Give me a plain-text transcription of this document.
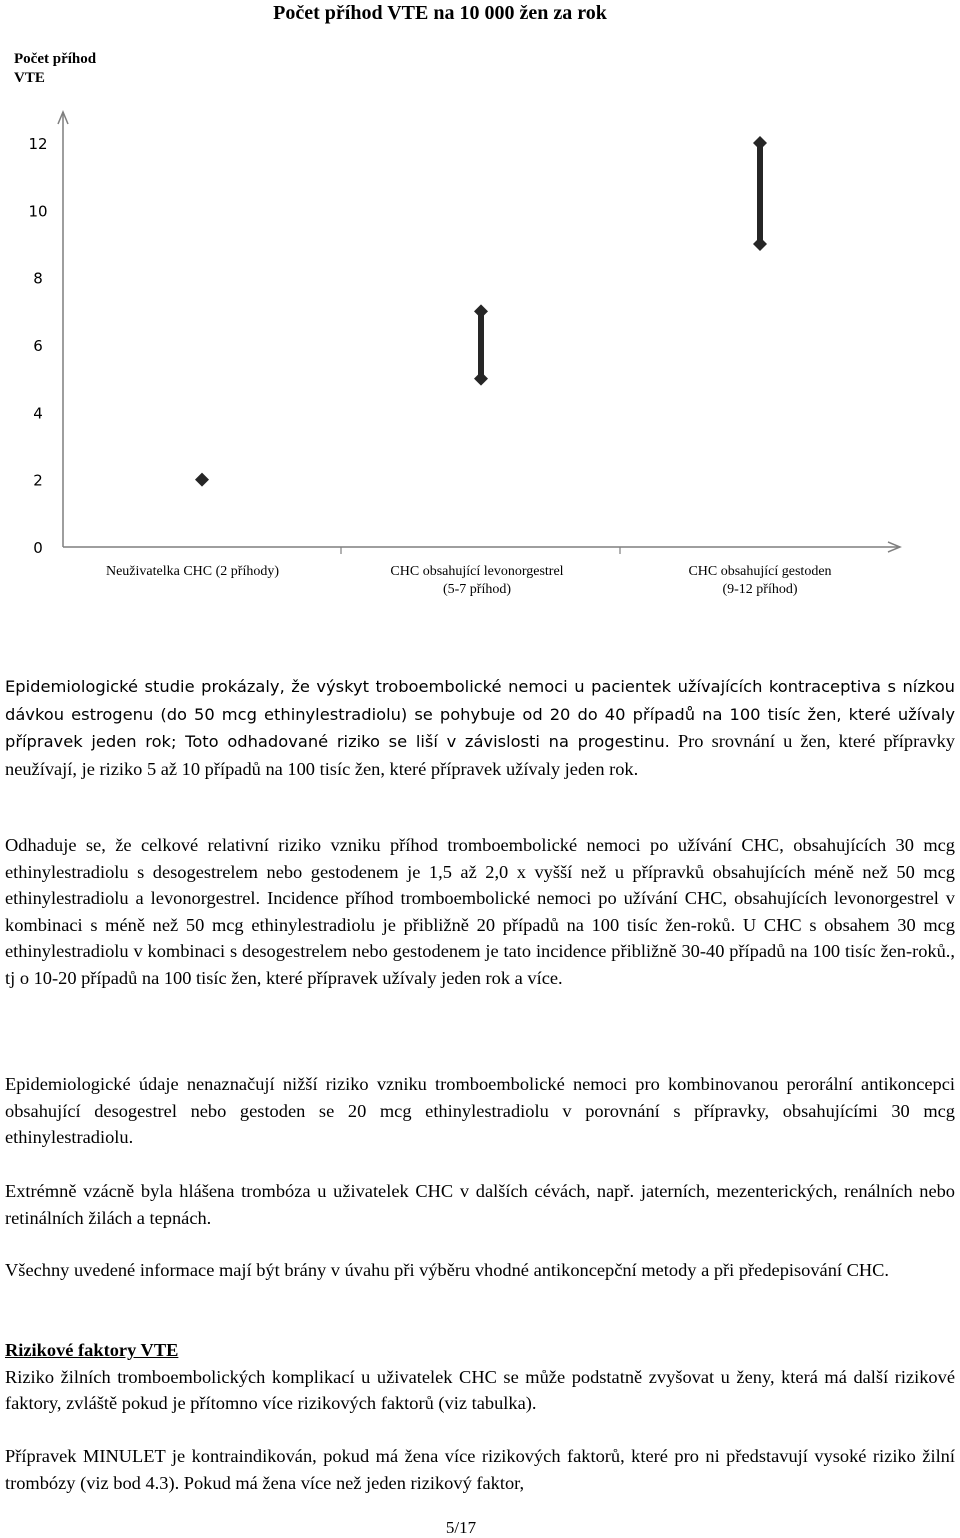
Počet příhod VTE na 10 000 žen za rok
Počet příhod VTE
0
2
4
6
8
10
12
Neuživatelka CHC (2 příhody)	CHC obsahující levonorgestrel
(5-7 příhod)
CHC obsahující gestoden
(9-12 příhod)
Epidemiologické studie prokázaly, že výskyt troboembolické nemoci u pacientek užívajících kontraceptiva s nízkou dávkou estrogenu (do 50 mcg ethinylestradiolu) se pohybuje od 20 do 40 případů na 100 tisíc žen, které užívaly přípravek jeden rok; Toto odhadované riziko se liší v závislosti na progestinu. Pro srovnání u žen, které přípravky neužívají, je riziko 5 až 10 případů na 100 tisíc žen, které přípravek užívaly jeden rok.
Odhaduje se, že celkové relativní riziko vzniku příhod tromboembolické nemoci po užívání CHC, obsahujících 30 mcg ethinylestradiolu s desogestrelem nebo gestodenem je 1,5 až 2,0 x vyšší než u přípravků obsahujících méně než 50 mcg ethinylestradiolu a levonorgestrel. Incidence příhod tromboembolické nemoci po užívání CHC, obsahujících levonorgestrel v kombinaci s méně než 50 mcg ethinylestradiolu je přibližně 20 případů na 100 tisíc žen-roků. U CHC s obsahem 30 mcg ethinylestradiolu v kombinaci s desogestrelem nebo gestodenem je tato incidence přibližně 30-40 případů na 100 tisíc žen-roků., tj o 10-20 případů na 100 tisíc žen, které přípravek užívaly jeden rok a více.
Epidemiologické údaje nenaznačují nižší riziko vzniku tromboembolické nemoci pro kombinovanou perorální antikoncepci obsahující desogestrel nebo gestoden se 20 mcg ethinylestradiolu v porovnání s přípravky, obsahujícími 30 mcg ethinylestradiolu.
Extrémně vzácně byla hlášena trombóza u uživatelek CHC v dalších cévách, např. jaterních, mezenterických, renálních nebo retinálních žilách a tepnách.
Všechny uvedené informace mají být brány v úvahu při výběru vhodné antikoncepční metody a při předepisování CHC.
Rizikové faktory VTE
Riziko žilních tromboembolických komplikací u uživatelek CHC se může podstatně zvyšovat u ženy, která má další rizikové faktory, zvláště pokud je přítomno více rizikových faktorů (viz tabulka).
Přípravek MINULET je kontraindikován, pokud má žena více rizikových faktorů, které pro ni představují vysoké riziko žilní trombózy (viz bod 4.3). Pokud má žena více než jeden rizikový faktor,
5/17
